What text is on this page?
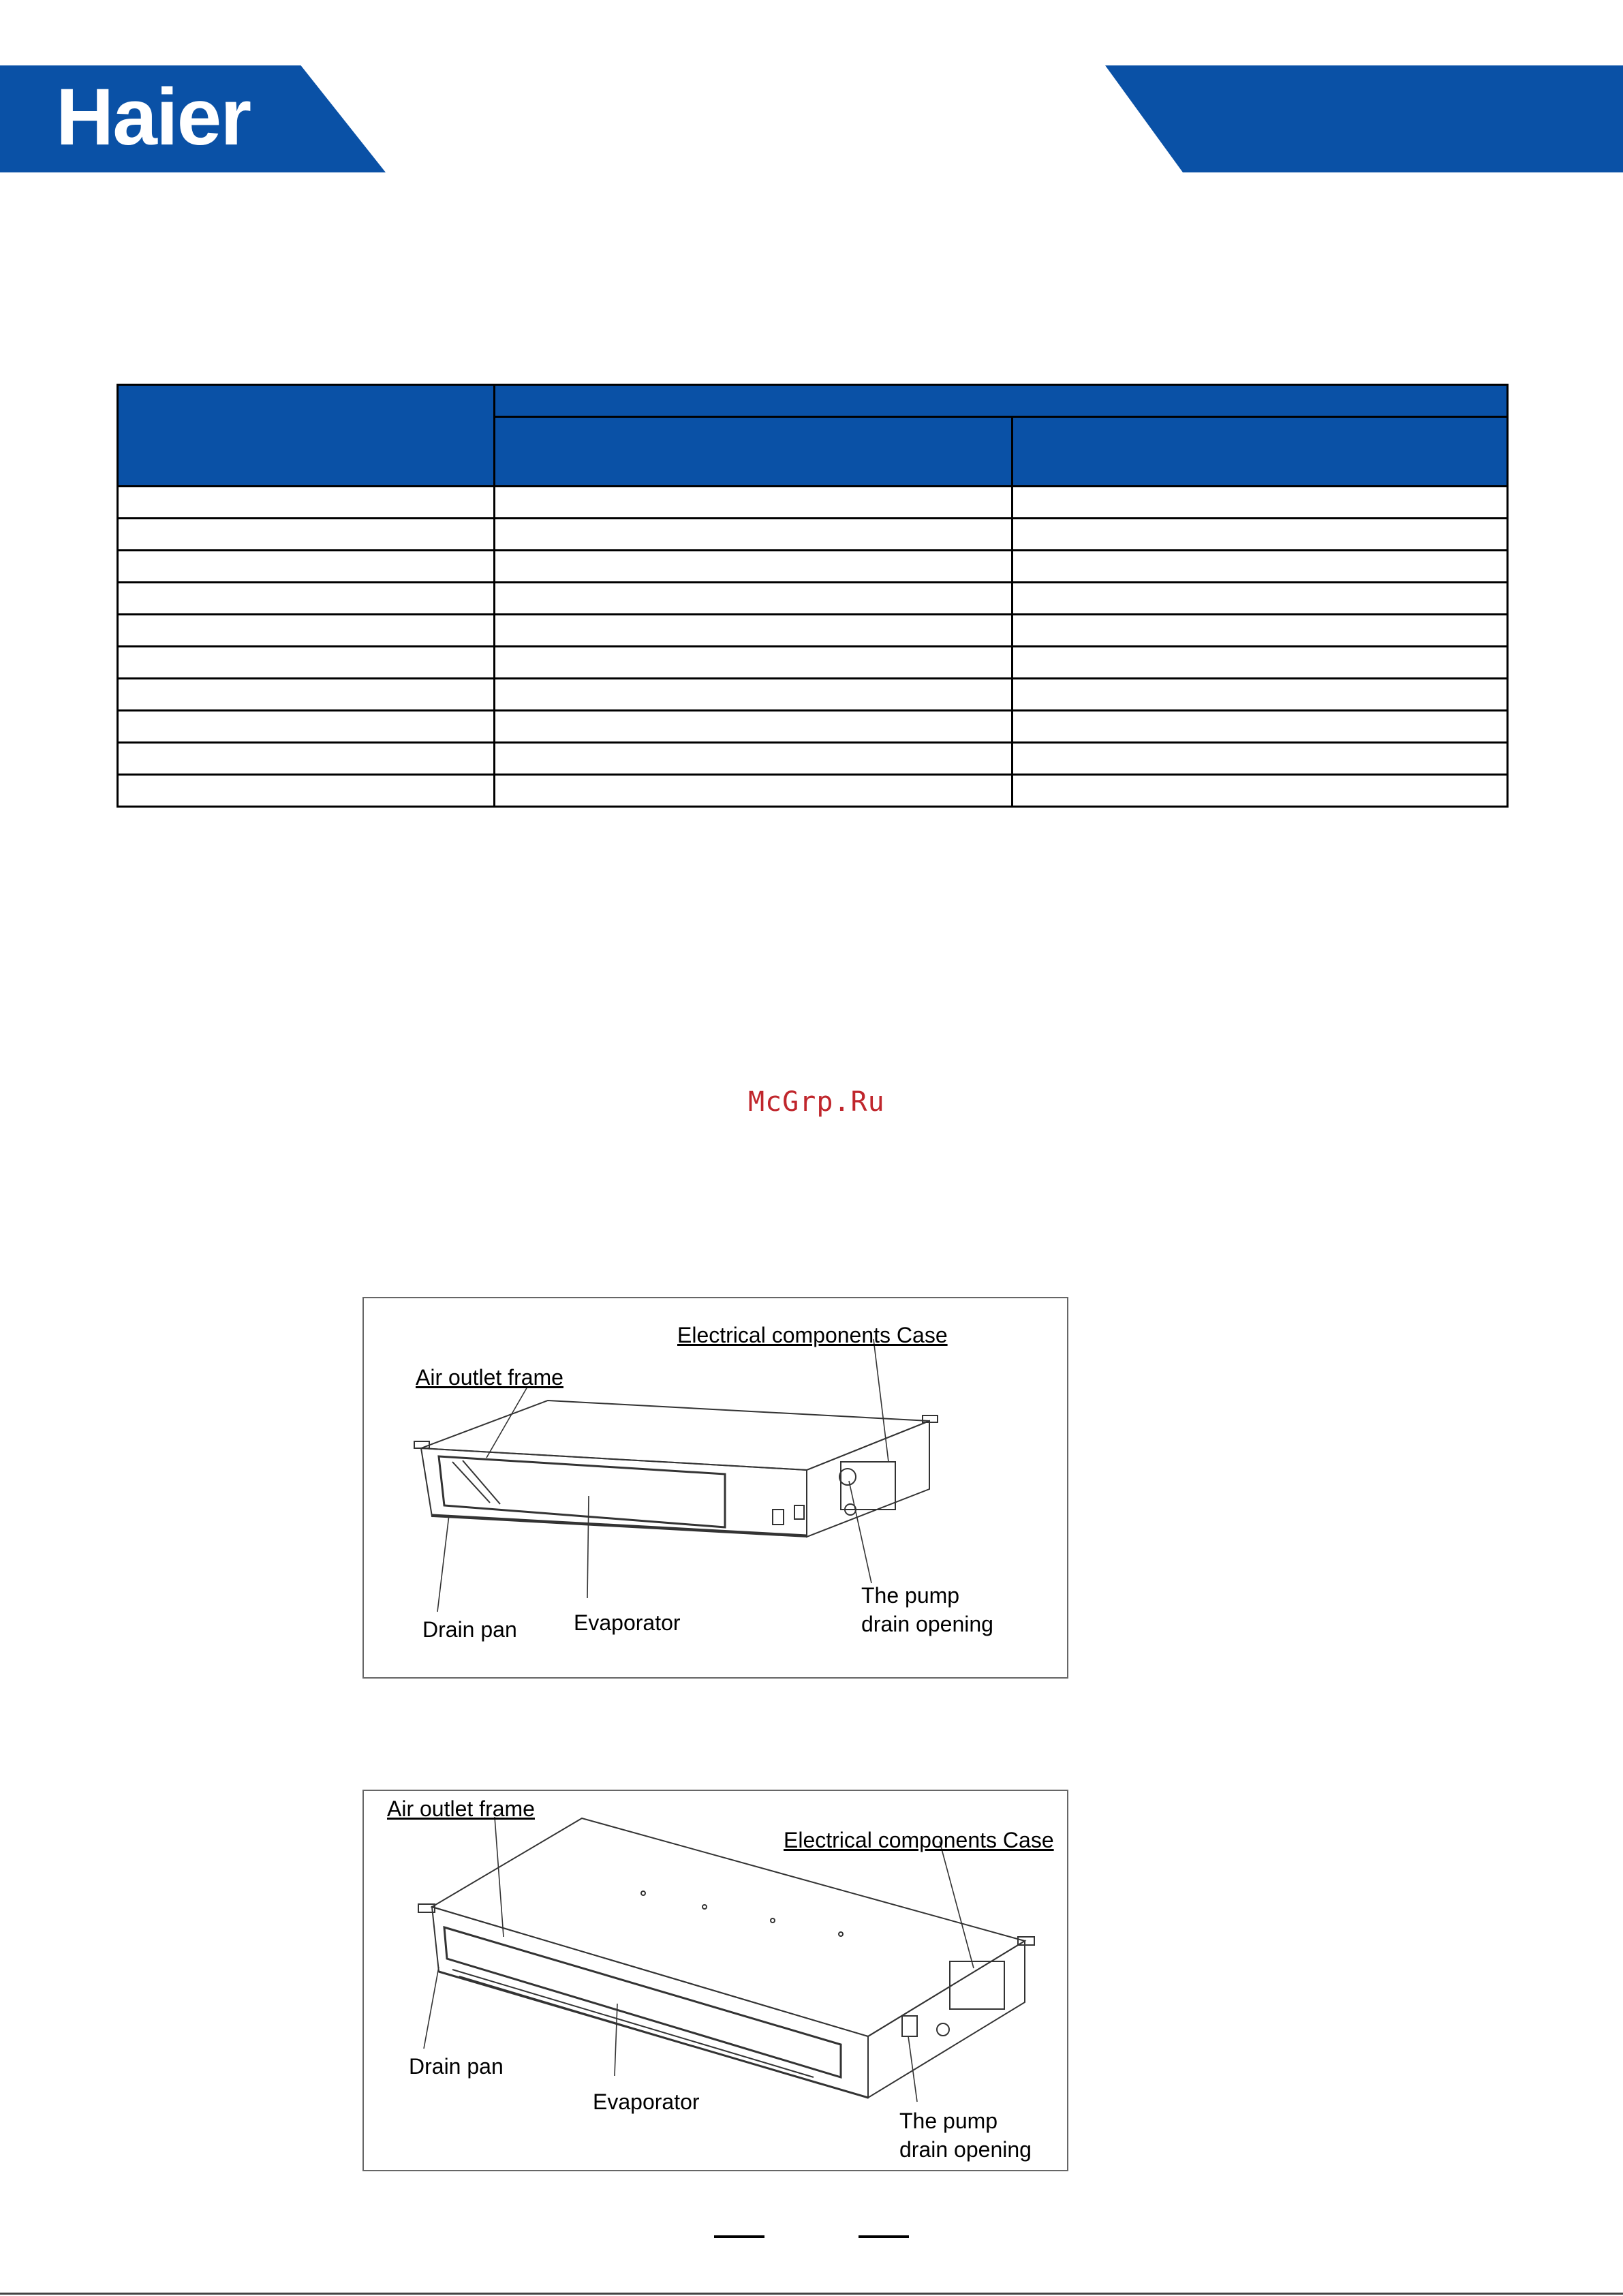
Haier

McGrp.Ru
Electrical components Case
Air outlet frame
Drain pan	Evaporator
The pump
drain opening
Air outlet frame
Electrical components Case
Drain pan
Evaporator
The pump
drain opening
